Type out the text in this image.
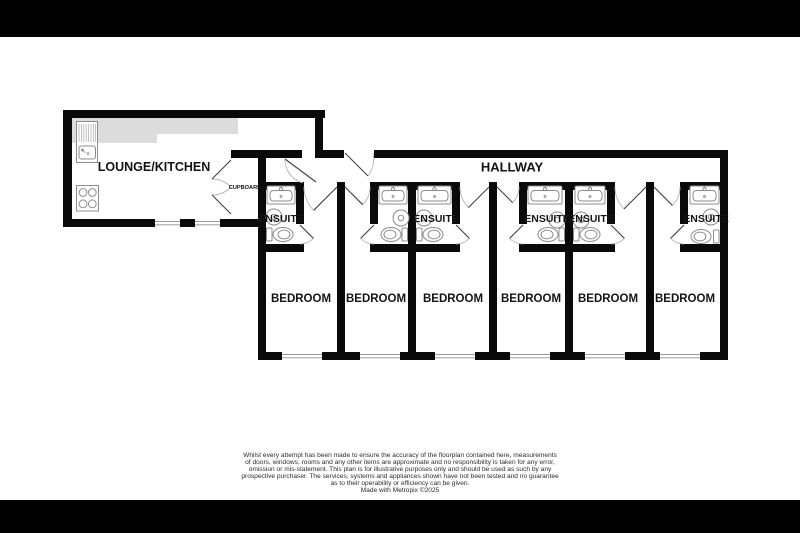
LOUNGE/KITCHEN	HALLWAY
CUPBOARD
ENSUITE	ENSUITE	ENSUITE
ENSUITE	ENSUITE
BEDROOM BEDROOM BEDROOM BEDROOM BEDROOM BEDROOM
Whilst every attempt has been made to ensure the accuracy of the floorplan contained here, measurements
of doors, windows, rooms and any other items are approximate and no responsibility is taken for any error,
omission or mis-statement. This plan is for illustrative purposes only and should be used as such by any
prospective purchaser. The services, systems and appliances shown have not been tested and no guarantee
as to their operability or efficiency can be given.
Made with Metropix ©2025
